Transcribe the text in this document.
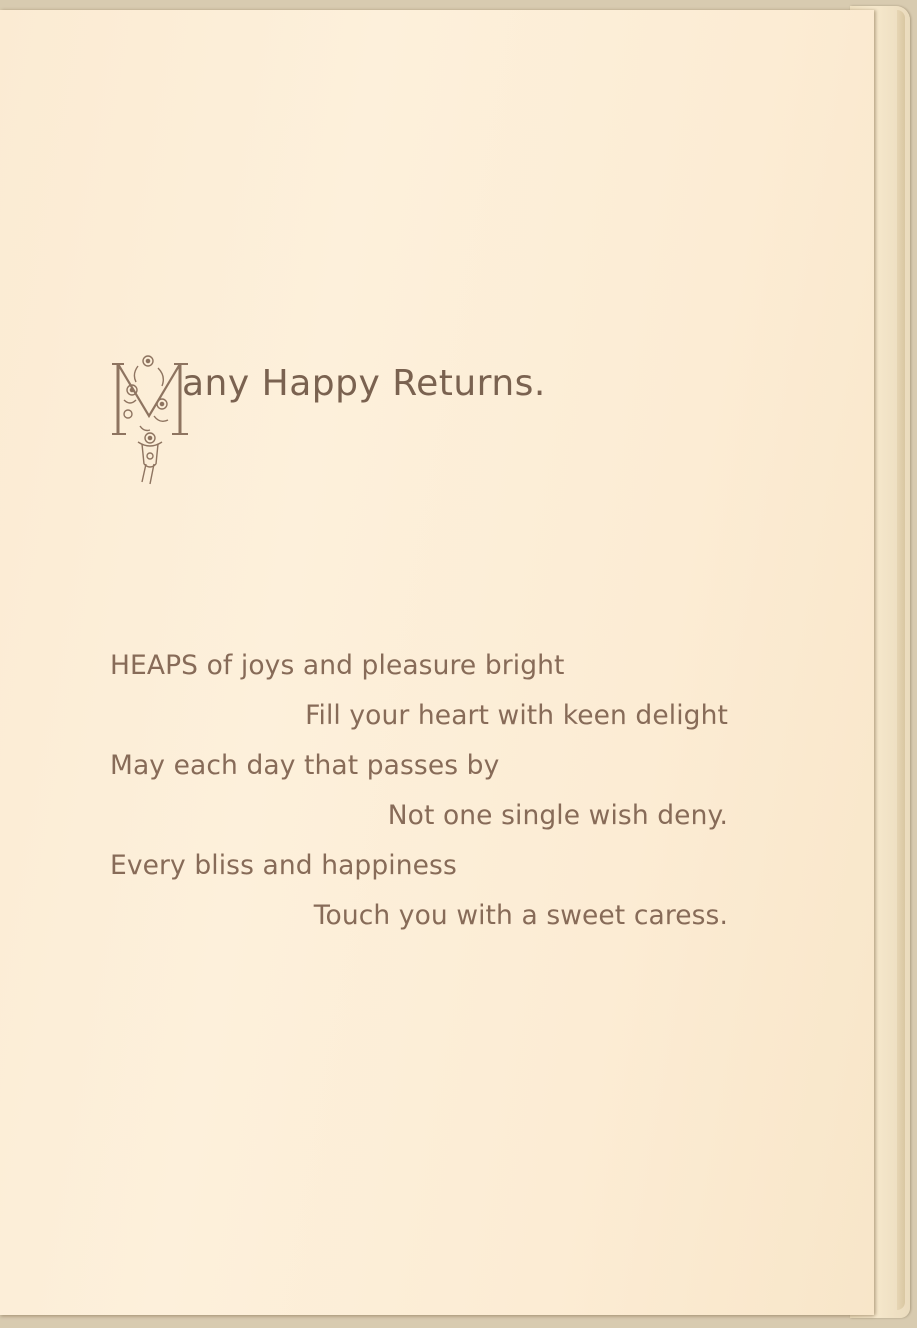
any Happy Returns.
HEAPS of joys and pleasure bright
Fill your heart with keen delight
May each day that passes by
Not one single wish deny.
Every bliss and happiness
Touch you with a sweet caress.
